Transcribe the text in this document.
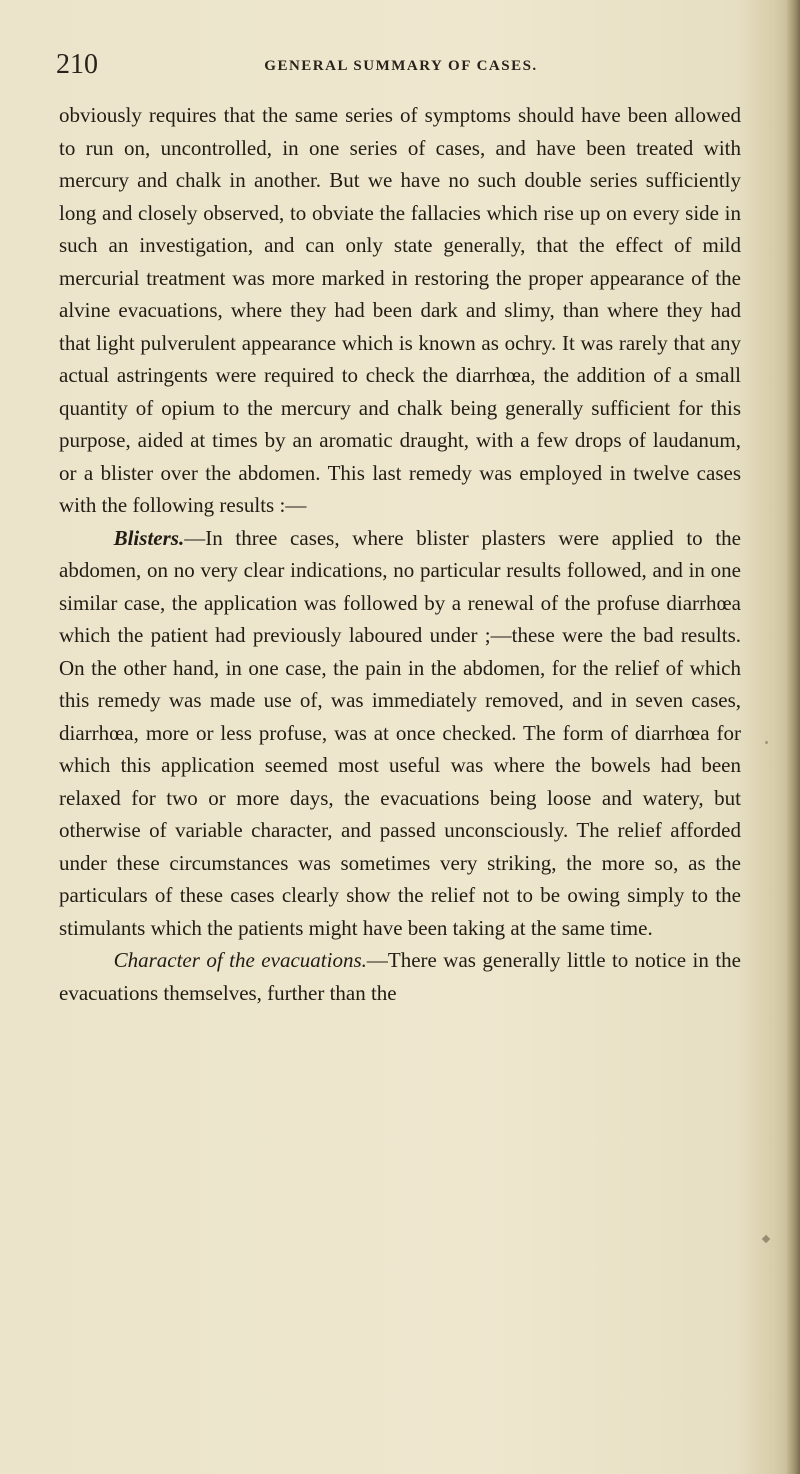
210	GENERAL SUMMARY OF CASES.

obviously requires that the same series of symptoms should have been allowed to run on, uncontrolled, in one series of cases, and have been treated with mercury and chalk in another. But we have no such double series sufficiently long and closely observed, to obviate the fallacies which rise up on every side in such an investigation, and can only state generally, that the effect of mild mercurial treatment was more marked in restoring the proper appearance of the alvine evacuations, where they had been dark and slimy, than where they had that light pulverulent appearance which is known as ochry. It was rarely that any actual astringents were required to check the diarrhœa, the addition of a small quantity of opium to the mercury and chalk being generally sufficient for this purpose, aided at times by an aromatic draught, with a few drops of laudanum, or a blister over the abdomen. This last remedy was employed in twelve cases with the following results :—

Blisters.—In three cases, where blister plasters were applied to the abdomen, on no very clear indications, no particular results followed, and in one similar case, the application was followed by a renewal of the profuse diarrhœa which the patient had previously laboured under ;—these were the bad results. On the other hand, in one case, the pain in the abdomen, for the relief of which this remedy was made use of, was immediately removed, and in seven cases, diarrhœa, more or less profuse, was at once checked. The form of diarrhœa for which this application seemed most useful was where the bowels had been relaxed for two or more days, the evacuations being loose and watery, but otherwise of variable character, and passed unconsciously. The relief afforded under these circumstances was sometimes very striking, the more so, as the particulars of these cases clearly show the relief not to be owing simply to the stimulants which the patients might have been taking at the same time.

Character of the evacuations.—There was generally little to notice in the evacuations themselves, further than the
